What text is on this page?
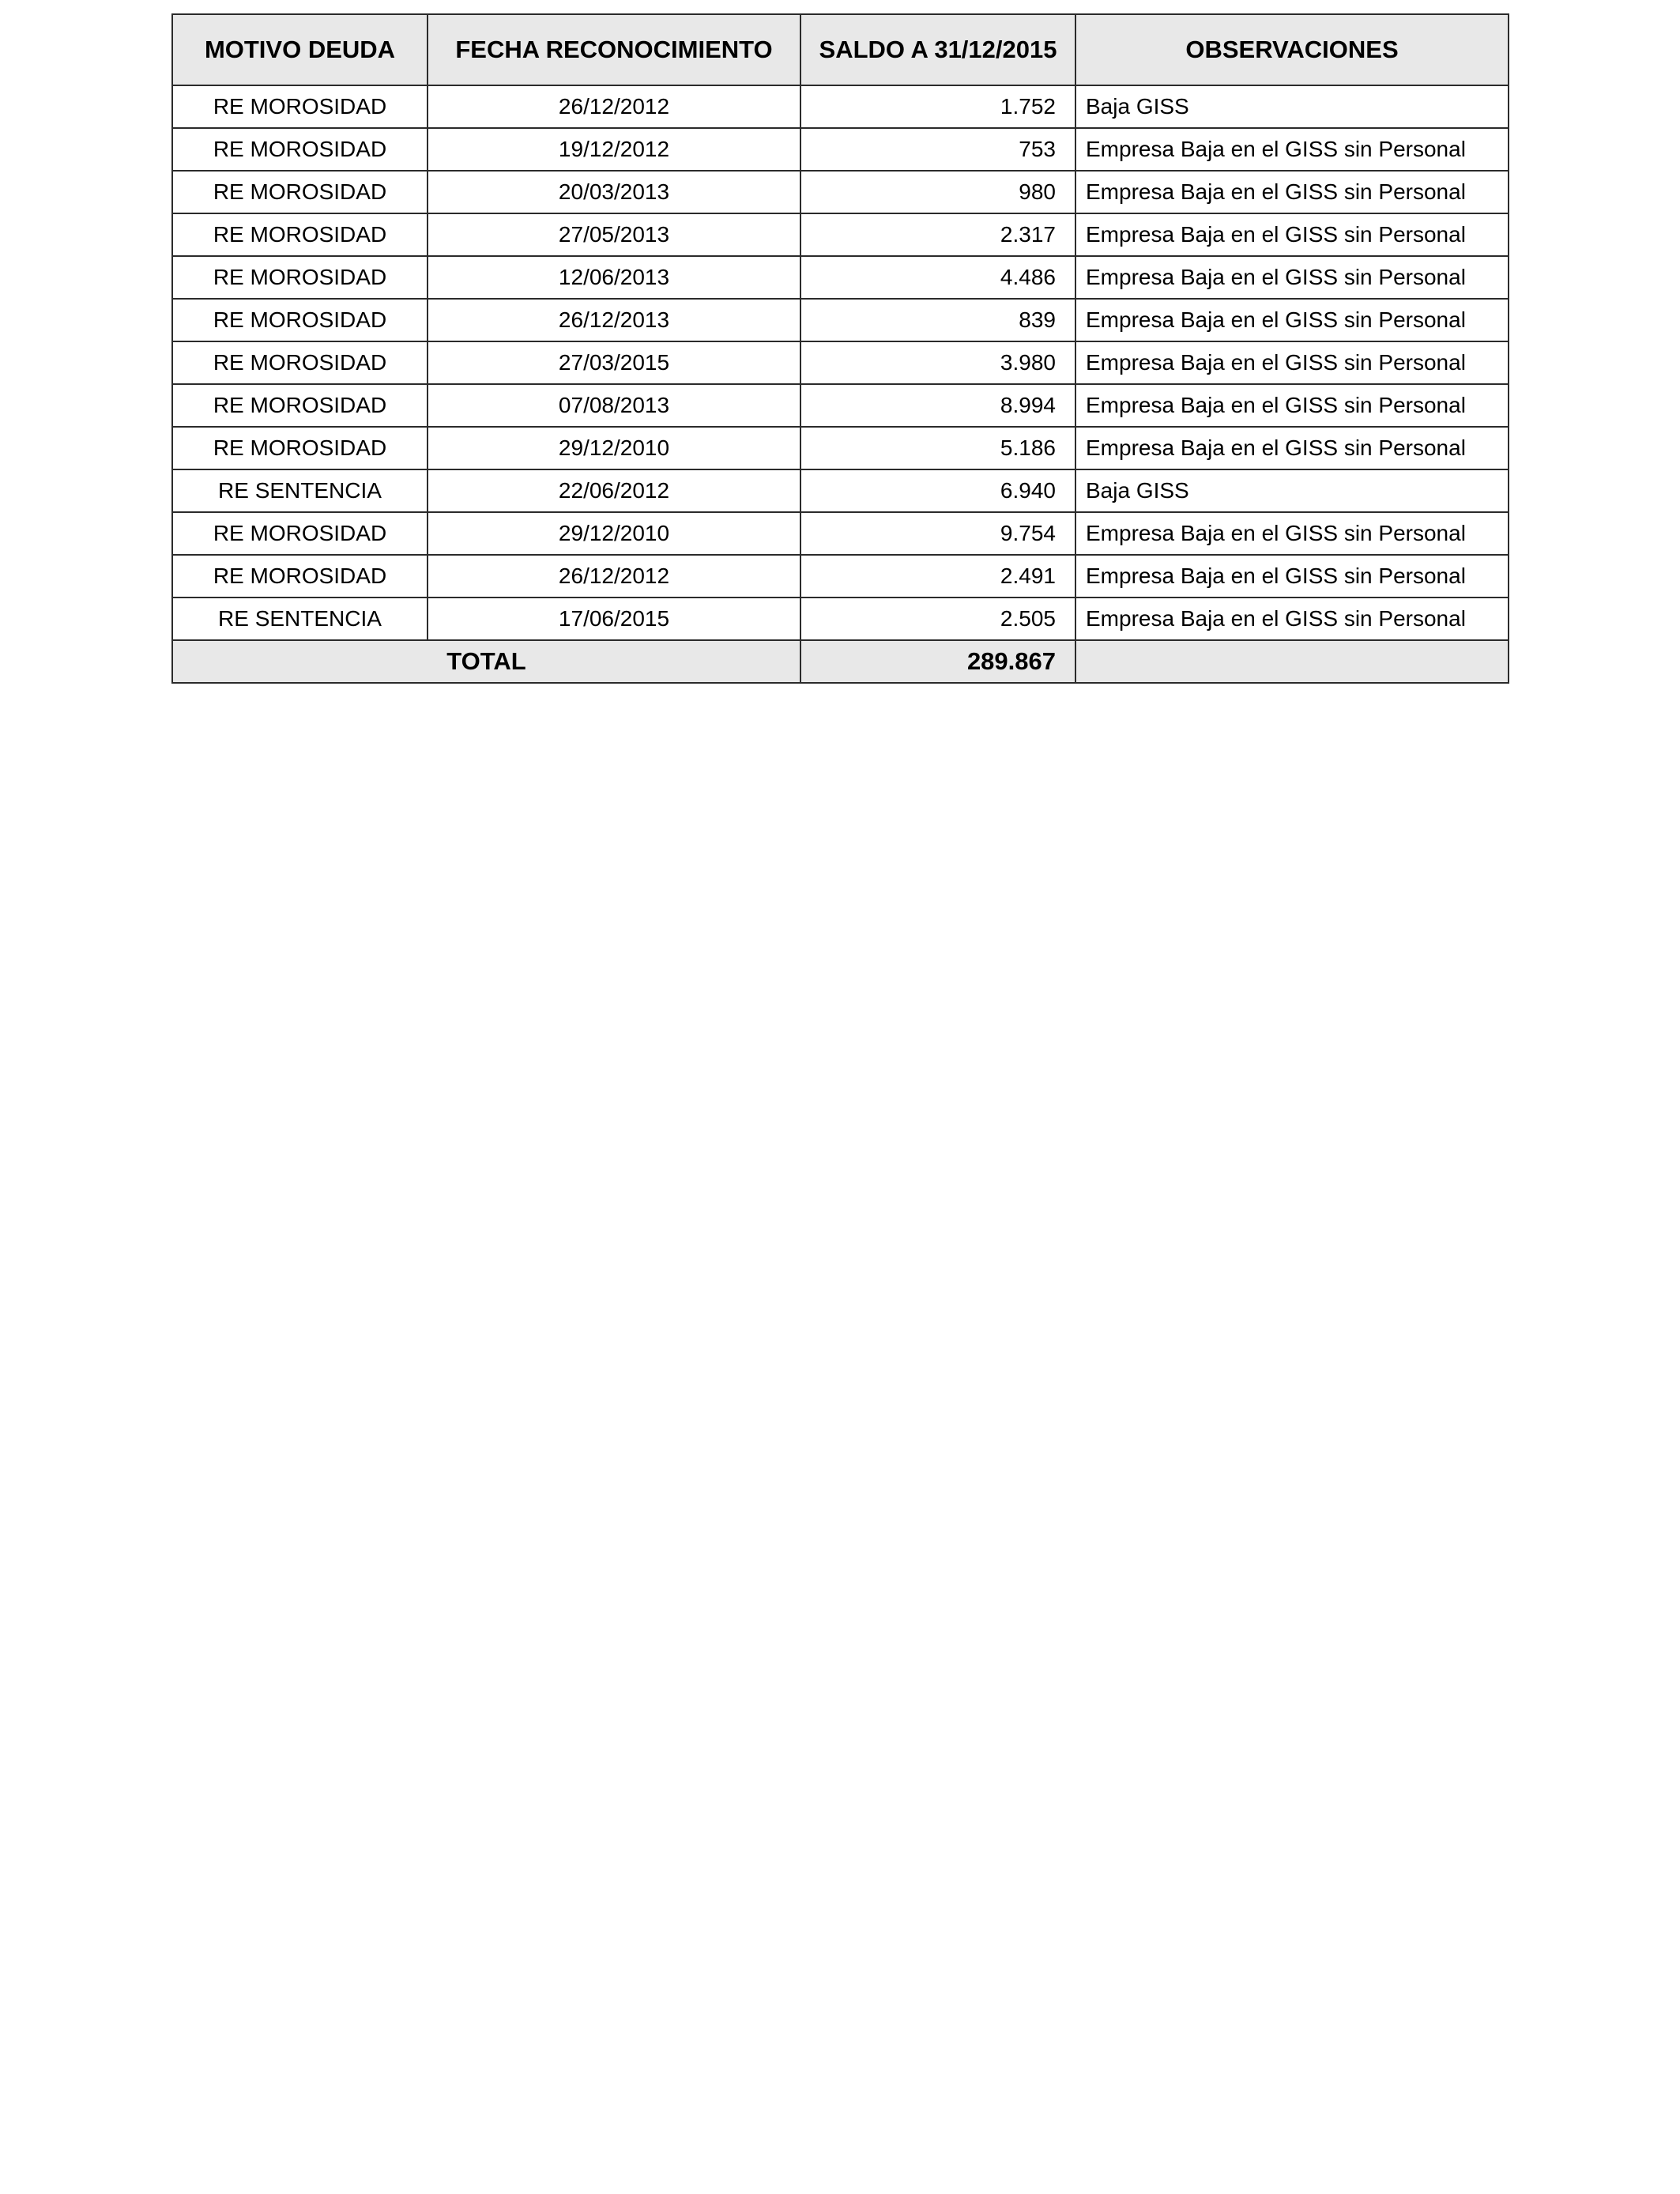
MOTIVO DEUDA	FECHA RECONOCIMIENTO	SALDO A 31/12/2015	OBSERVACIONES
RE MOROSIDAD	26/12/2012	1.752	Baja GISS
RE MOROSIDAD	19/12/2012	753	Empresa Baja en el GISS sin Personal
RE MOROSIDAD	20/03/2013	980	Empresa Baja en el GISS sin Personal
RE MOROSIDAD	27/05/2013	2.317	Empresa Baja en el GISS sin Personal
RE MOROSIDAD	12/06/2013	4.486	Empresa Baja en el GISS sin Personal
RE MOROSIDAD	26/12/2013	839	Empresa Baja en el GISS sin Personal
RE MOROSIDAD	27/03/2015	3.980	Empresa Baja en el GISS sin Personal
RE MOROSIDAD	07/08/2013	8.994	Empresa Baja en el GISS sin Personal
RE MOROSIDAD	29/12/2010	5.186	Empresa Baja en el GISS sin Personal
RE SENTENCIA	22/06/2012	6.940	Baja GISS
RE MOROSIDAD	29/12/2010	9.754	Empresa Baja en el GISS sin Personal
RE MOROSIDAD	26/12/2012	2.491	Empresa Baja en el GISS sin Personal
RE SENTENCIA	17/06/2015	2.505	Empresa Baja en el GISS sin Personal
TOTAL		289.867	
